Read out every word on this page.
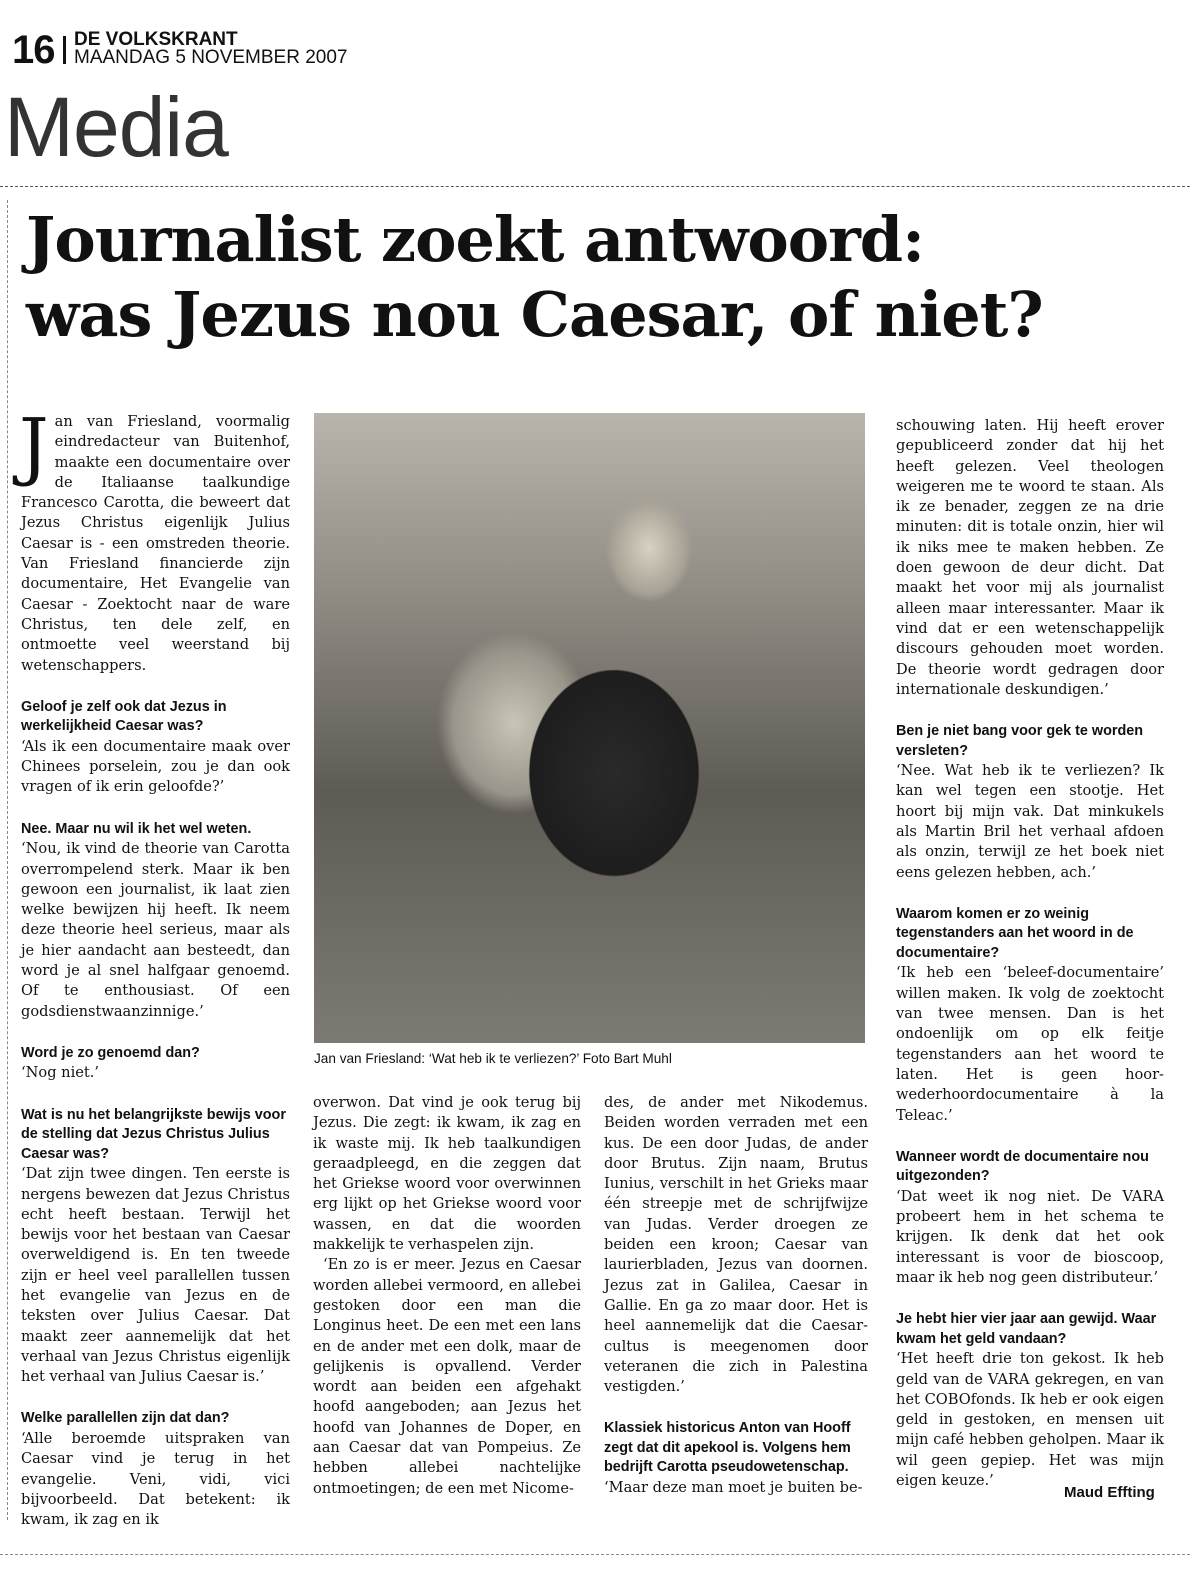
16 DE VOLKSKRANT
MAANDAG 5 NOVEMBER 2007
Media
Journalist zoekt antwoord:
was Jezus nou Caesar, of niet?

J an van Friesland, voormalig eindredacteur van Buitenhof, maakte een documentaire over de Italiaanse taalkundige Francesco Carotta, die beweert dat Jezus Christus eigenlijk Julius Caesar is - een omstreden theorie. Van Friesland financierde zijn documentaire, Het Evangelie van Caesar - Zoektocht naar de ware Christus, ten dele zelf, en ontmoette veel weerstand bij wetenschappers.

Geloof je zelf ook dat Jezus in werkelijkheid Caesar was?

‘Als ik een documentaire maak over Chinees porselein, zou je dan ook vragen of ik erin geloofde?’

Nee. Maar nu wil ik het wel weten.

‘Nou, ik vind de theorie van Carotta overrompelend sterk. Maar ik ben gewoon een journalist, ik laat zien welke bewijzen hij heeft. Ik neem deze theorie heel serieus, maar als je hier aandacht aan besteedt, dan word je al snel halfgaar genoemd. Of te enthousiast. Of een godsdienstwaanzinnige.’

Word je zo genoemd dan?

‘Nog niet.’

Wat is nu het belangrijkste bewijs voor de stelling dat Jezus Christus Julius Caesar was?

‘Dat zijn twee dingen. Ten eerste is nergens bewezen dat Jezus Christus echt heeft bestaan. Terwijl het bewijs voor het bestaan van Caesar overweldigend is. En ten tweede zijn er heel veel parallellen tussen het evangelie van Jezus en de teksten over Julius Caesar. Dat maakt zeer aannemelijk dat het verhaal van Jezus Christus eigenlijk het verhaal van Julius Caesar is.’

Welke parallellen zijn dat dan?

‘Alle beroemde uitspraken van Caesar vind je terug in het evangelie. Veni, vidi, vici bijvoorbeeld. Dat betekent: ik kwam, ik zag en ik

Jan van Friesland: ‘Wat heb ik te verliezen?’ Foto Bart Muhl

overwon. Dat vind je ook terug bij Jezus. Die zegt: ik kwam, ik zag en ik waste mij. Ik heb taalkundigen geraadpleegd, en die zeggen dat het Griekse woord voor overwinnen erg lijkt op het Griekse woord voor wassen, en dat die woorden makkelijk te verhaspelen zijn.

‘En zo is er meer. Jezus en Caesar worden allebei vermoord, en allebei gestoken door een man die Longinus heet. De een met een lans en de ander met een dolk, maar de gelijkenis is opvallend. Verder wordt aan beiden een afgehakt hoofd aangeboden; aan Jezus het hoofd van Johannes de Doper, en aan Caesar dat van Pompeius. Ze hebben allebei nachtelijke ontmoetingen; de een met Nicome-

des, de ander met Nikodemus. Beiden worden verraden met een kus. De een door Judas, de ander door Brutus. Zijn naam, Brutus Iunius, verschilt in het Grieks maar één streepje met de schrijfwijze van Judas. Verder droegen ze beiden een kroon; Caesar van laurierbladen, Jezus van doornen. Jezus zat in Galilea, Caesar in Gallie. En ga zo maar door. Het is heel aannemelijk dat die Caesar-cultus is meegenomen door veteranen die zich in Palestina vestigden.’

Klassiek historicus Anton van Hooff zegt dat dit apekool is. Volgens hem bedrijft Carotta pseudowetenschap.

‘Maar deze man moet je buiten be-

schouwing laten. Hij heeft erover gepubliceerd zonder dat hij het heeft gelezen. Veel theologen weigeren me te woord te staan. Als ik ze benader, zeggen ze na drie minuten: dit is totale onzin, hier wil ik niks mee te maken hebben. Ze doen gewoon de deur dicht. Dat maakt het voor mij als journalist alleen maar interessanter. Maar ik vind dat er een wetenschappelijk discours gehouden moet worden. De theorie wordt gedragen door internationale deskundigen.’

Ben je niet bang voor gek te worden versleten?

‘Nee. Wat heb ik te verliezen? Ik kan wel tegen een stootje. Het hoort bij mijn vak. Dat minkukels als Martin Bril het verhaal afdoen als onzin, terwijl ze het boek niet eens gelezen hebben, ach.’

Waarom komen er zo weinig tegenstanders aan het woord in de documentaire?

‘Ik heb een ‘beleef-documentaire’ willen maken. Ik volg de zoektocht van twee mensen. Dan is het ondoenlijk om op elk feitje tegenstanders aan het woord te laten. Het is geen hoor-wederhoordocumentaire à la Teleac.’

Wanneer wordt de documentaire nou uitgezonden?

‘Dat weet ik nog niet. De VARA probeert hem in het schema te krijgen. Ik denk dat het ook interessant is voor de bioscoop, maar ik heb nog geen distributeur.’

Je hebt hier vier jaar aan gewijd. Waar kwam het geld vandaan?

‘Het heeft drie ton gekost. Ik heb geld van de VARA gekregen, en van het COBOfonds. Ik heb er ook eigen geld in gestoken, en mensen uit mijn café hebben geholpen. Maar ik wil geen gepiep. Het was mijn eigen keuze.’

Maud Effting
